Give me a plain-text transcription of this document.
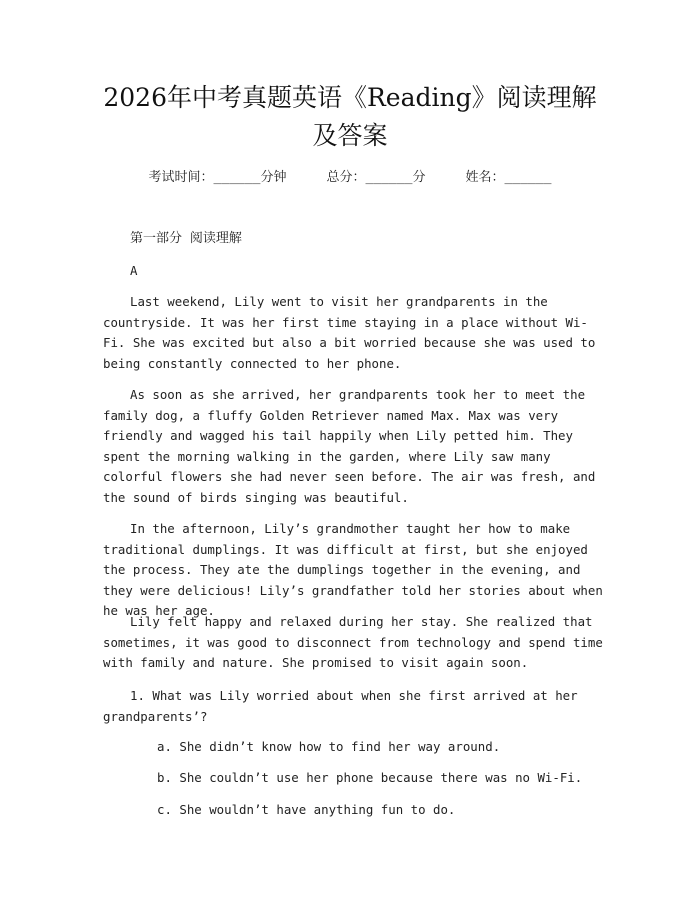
2026年中考真题英语《Reading》阅读理解
及答案
考试时间：______分钟	总分：______分	姓名：______
第一部分 阅读理解
A

Last weekend, Lily went to visit her grandparents in the countryside. It was her first time staying in a place without Wi-Fi. She was excited but also a bit worried because she was used to being constantly connected to her phone.

As soon as she arrived, her grandparents took her to meet the family dog, a fluffy Golden Retriever named Max. Max was very friendly and wagged his tail happily when Lily petted him. They spent the morning walking in the garden, where Lily saw many colorful flowers she had never seen before. The air was fresh, and the sound of birds singing was beautiful.

In the afternoon, Lily’s grandmother taught her how to make traditional dumplings. It was difficult at first, but she enjoyed the process. They ate the dumplings together in the evening, and they were delicious! Lily’s grandfather told her stories about when he was her age.

Lily felt happy and relaxed during her stay. She realized that sometimes, it was good to disconnect from technology and spend time with family and nature. She promised to visit again soon.

1. What was Lily worried about when she first arrived at her grandparents’?
a. She didn’t know how to find her way around.
b. She couldn’t use her phone because there was no Wi-Fi.
c. She wouldn’t have anything fun to do.
